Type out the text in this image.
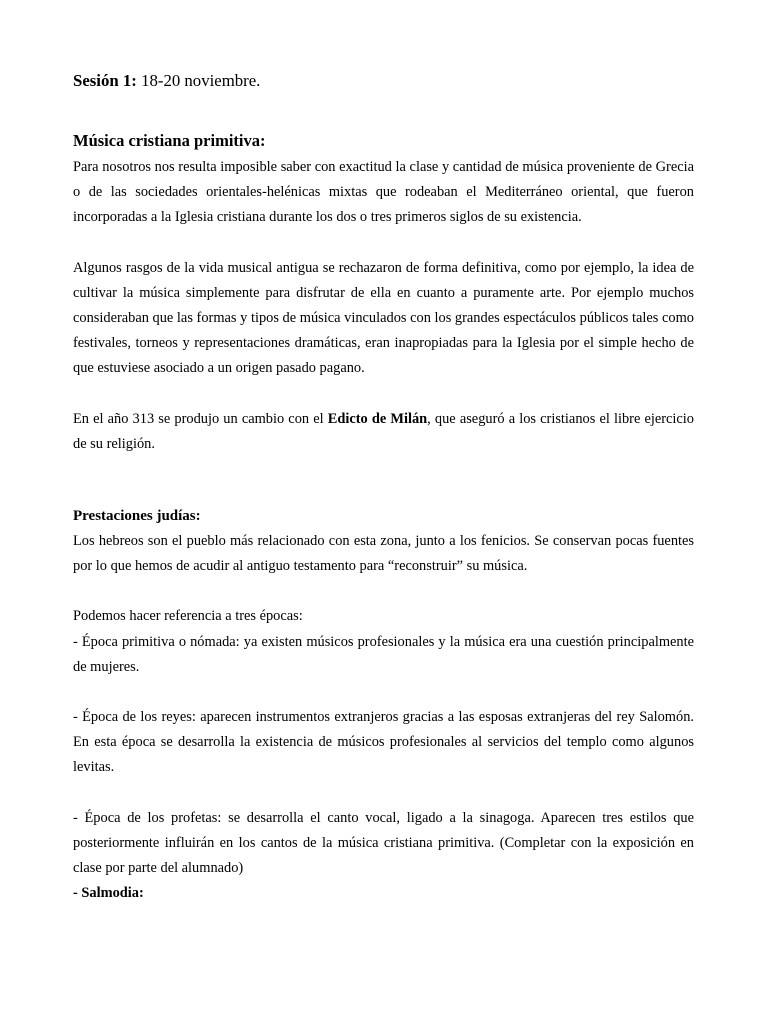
Sesión 1: 18-20 noviembre.

Música cristiana primitiva:

Para nosotros nos resulta imposible saber con exactitud la clase y cantidad de música proveniente de Grecia o de las sociedades orientales-helénicas mixtas que rodeaban el Mediterráneo oriental, que fueron incorporadas a la Iglesia cristiana durante los dos o tres primeros siglos de su existencia.

Algunos rasgos de la vida musical antigua se rechazaron de forma definitiva, como por ejemplo, la idea de cultivar la música simplemente para disfrutar de ella en cuanto a puramente arte. Por ejemplo muchos consideraban que las formas y tipos de música vinculados con los grandes espectáculos públicos tales como festivales, torneos y representaciones dramáticas, eran inapropiadas para la Iglesia por el simple hecho de que estuviese asociado a un origen pasado pagano.

En el año 313 se produjo un cambio con el Edicto de Milán, que aseguró a los cristianos el libre ejercicio de su religión.

Prestaciones judías:

Los hebreos son el pueblo más relacionado con esta zona, junto a los fenicios. Se conservan pocas fuentes por lo que hemos de acudir al antiguo testamento para “reconstruir” su música.

Podemos hacer referencia a tres épocas:

- Época primitiva o nómada: ya existen músicos profesionales y la música era una cuestión principalmente de mujeres.

- Época de los reyes: aparecen instrumentos extranjeros gracias a las esposas extranjeras del rey Salomón. En esta época se desarrolla la existencia de músicos profesionales al servicios del templo como algunos levitas.

- Época de los profetas: se desarrolla el canto vocal, ligado a la sinagoga. Aparecen tres estilos que posteriormente influirán en los cantos de la música cristiana primitiva. (Completar con la exposición en clase por parte del alumnado)

- Salmodia:
